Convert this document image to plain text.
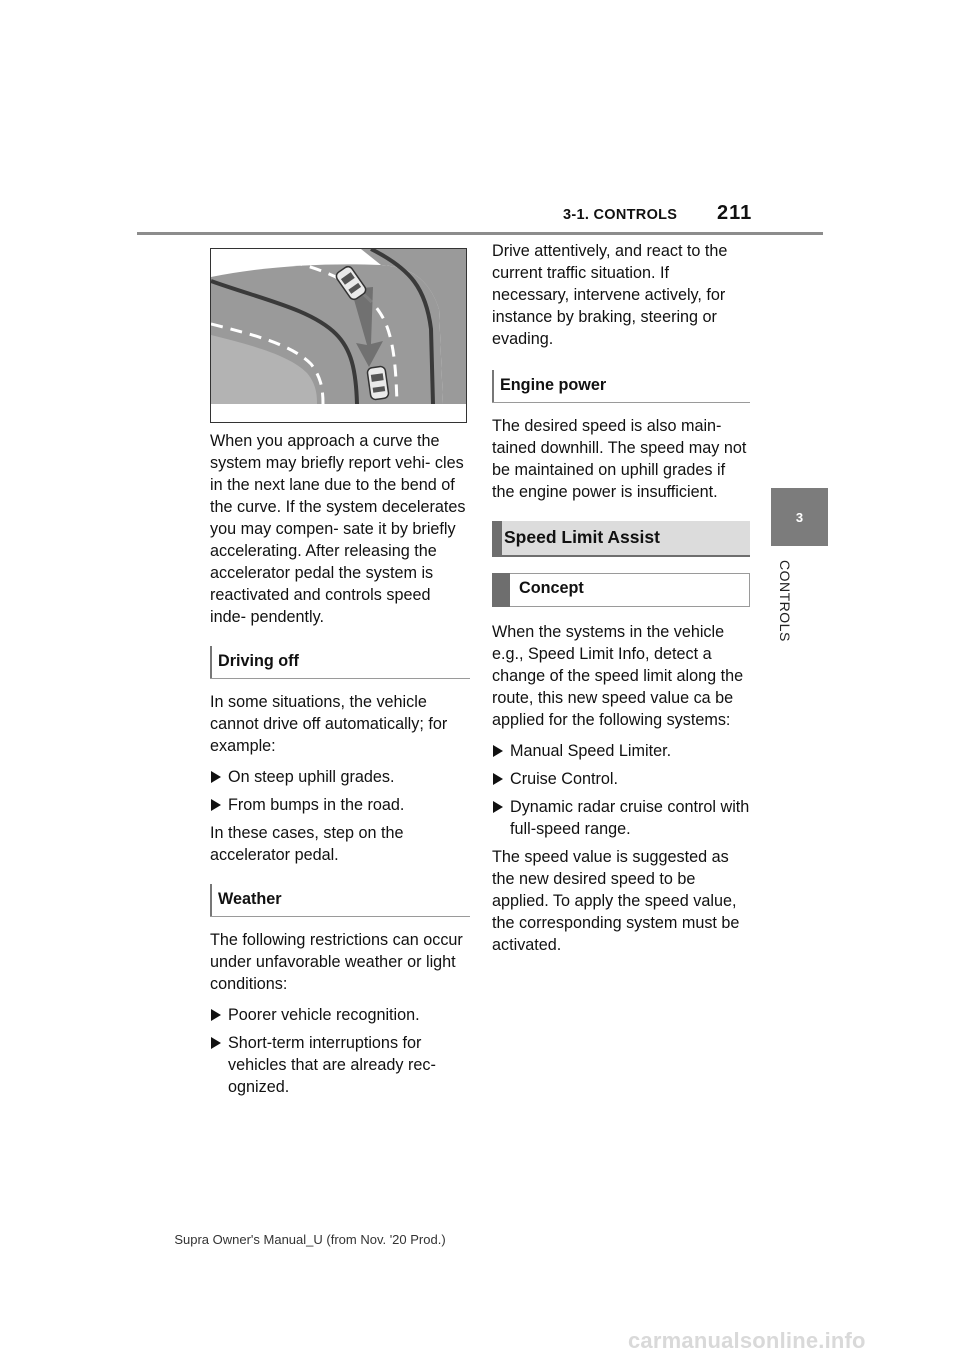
3-1. CONTROLS 211
3
CONTROLS

When you approach a curve the system may briefly report vehi- cles in the next lane due to the bend of the curve. If the system decelerates you may compen- sate it by briefly accelerating. After releasing the accelerator pedal the system is reactivated and controls speed inde- pendently.

Driving off

In some situations, the vehicle cannot drive off automatically; for example:

On steep uphill grades.
From bumps in the road.

In these cases, step on the accelerator pedal.

Weather

The following restrictions can occur under unfavorable weather or light conditions:

Poorer vehicle recognition.
Short-term interruptions for vehicles that are already rec- ognized.

Drive attentively, and react to the current traffic situation. If necessary, intervene actively, for instance by braking, steering or evading.

Engine power

The desired speed is also main- tained downhill. The speed may not be maintained on uphill grades if the engine power is insufficient.

Speed Limit Assist
Concept

When the systems in the vehicle e.g., Speed Limit Info, detect a change of the speed limit along the route, this new speed value ca be applied for the following systems:

Manual Speed Limiter.
Cruise Control.
Dynamic radar cruise control with full-speed range.

The speed value is suggested as the new desired speed to be applied. To apply the speed value, the corresponding system must be activated.

Supra Owner's Manual_U (from Nov. '20 Prod.)
carmanualsonline.info
